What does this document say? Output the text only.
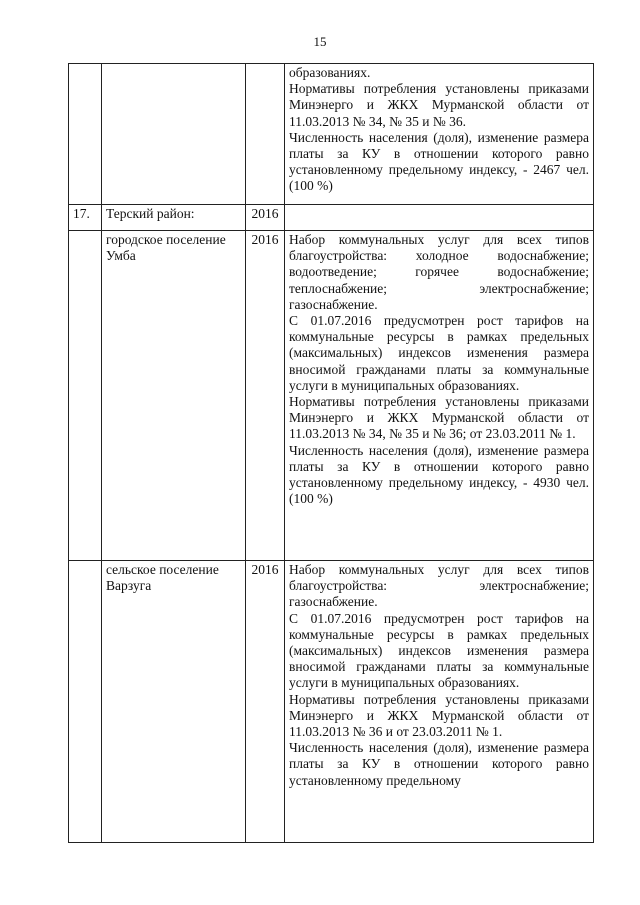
15

			образованиях.
Нормативы потребления установлены приказами Минэнерго и ЖКХ Мурманской области от 11.03.2013 № 34, № 35 и № 36.
Численность населения (доля), изменение размера платы за КУ в отношении которого равно установленному предельному индексу, - 2467 чел. (100 %)

17.	Терский район:	2016	
	городское поселение Умба	2016	Набор коммунальных услуг для всех типов благоустройства: холодное водоснабжение; водоотведение; горячее водоснабжение; теплоснабжение; электроснабжение; газоснабжение.
С 01.07.2016 предусмотрен рост тарифов на коммунальные ресурсы в рамках предельных (максимальных) индексов изменения размера вносимой гражданами платы за коммунальные услуги в муниципальных образованиях.
Нормативы потребления установлены приказами Минэнерго и ЖКХ Мурманской области от 11.03.2013 № 34, № 35 и № 36; от 23.03.2011 № 1.
Численность населения (доля), изменение размера платы за КУ в отношении которого равно установленному предельному индексу, - 4930 чел. (100 %)

	сельское поселение Варзуга	2016	Набор коммунальных услуг для всех типов благоустройства: электроснабжение; газоснабжение.
С 01.07.2016 предусмотрен рост тарифов на коммунальные ресурсы в рамках предельных (максимальных) индексов изменения размера вносимой гражданами платы за коммунальные услуги в муниципальных образованиях.
Нормативы потребления установлены приказами Минэнерго и ЖКХ Мурманской области от 11.03.2013 № 36 и от 23.03.2011 № 1.
Численность населения (доля), изменение размера платы за КУ в отношении которого равно установленному предельному
